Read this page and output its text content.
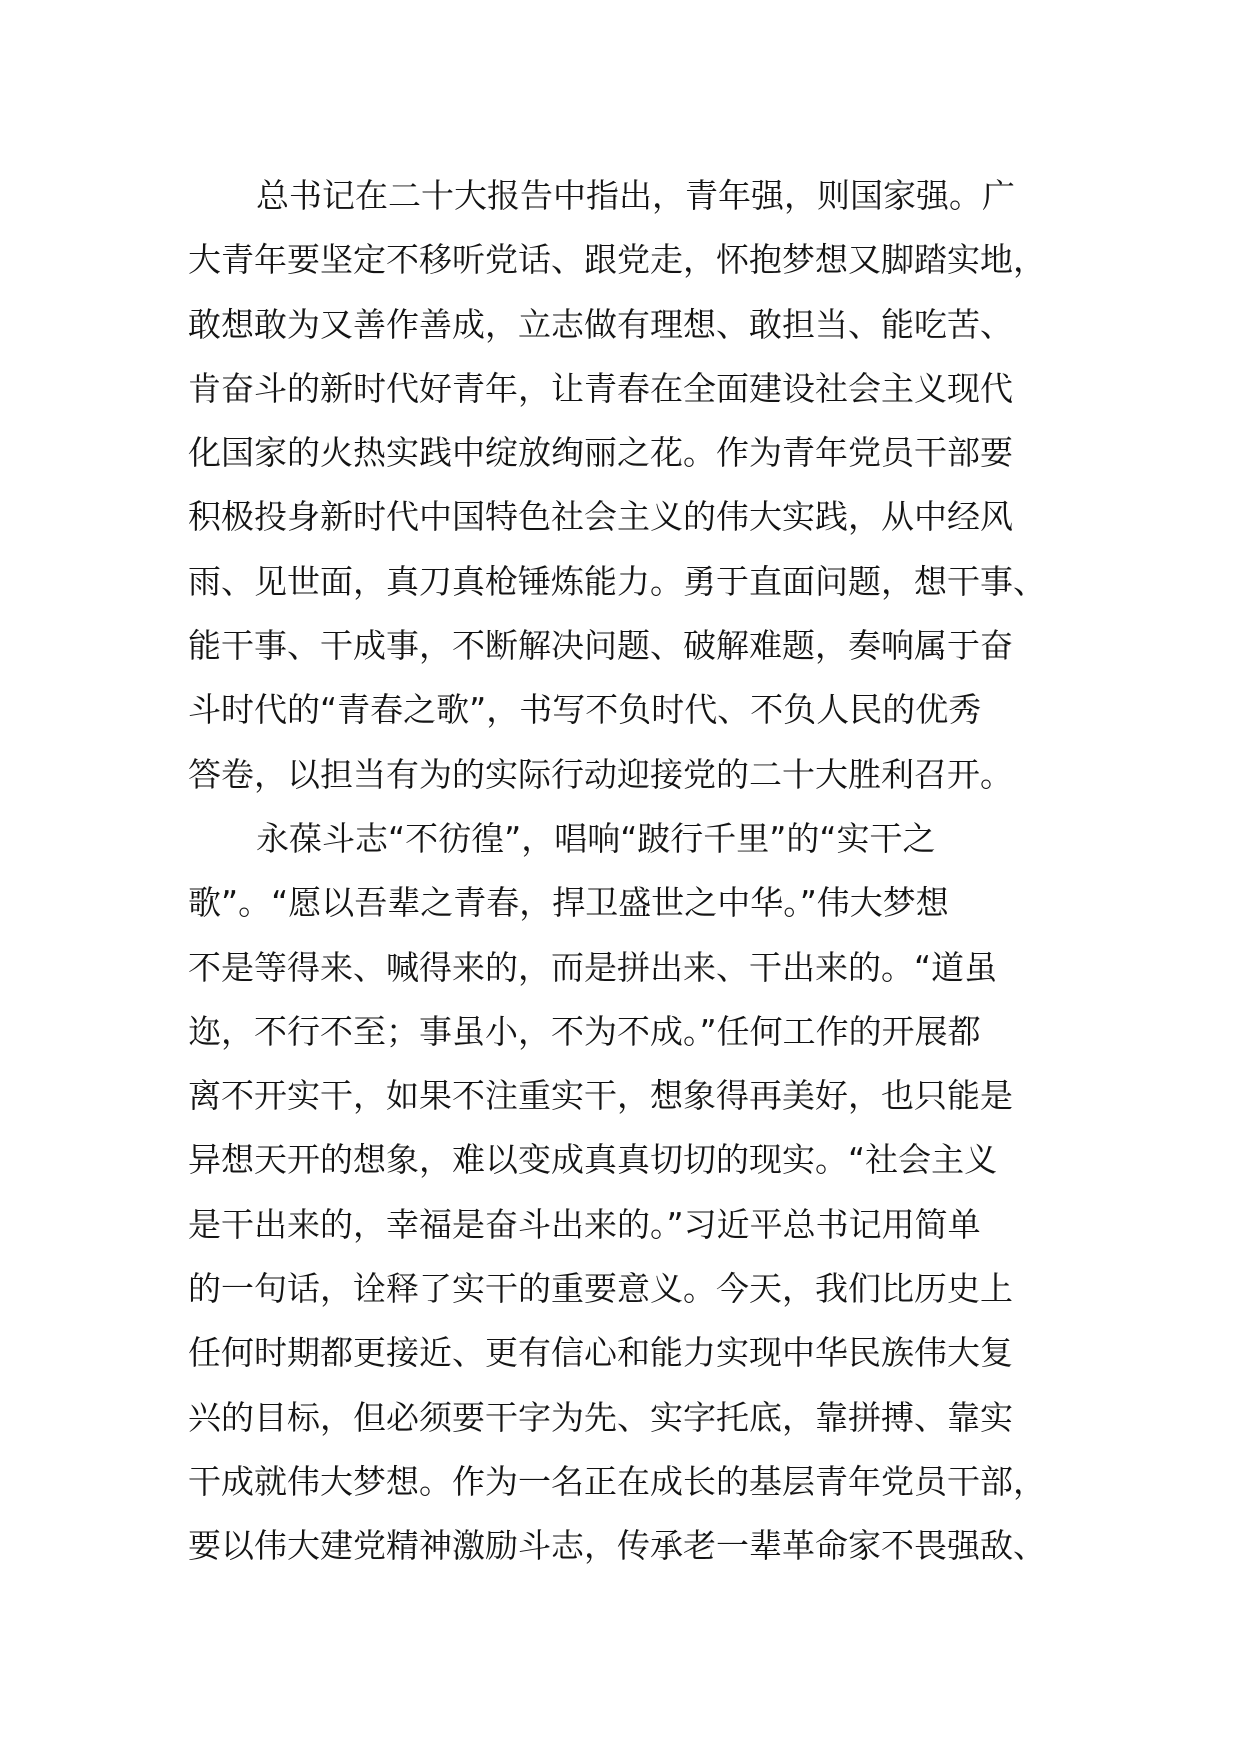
总书记在二十大报告中指出，青年强，则国家强。广
大青年要坚定不移听党话、跟党走，怀抱梦想又脚踏实地，
敢想敢为又善作善成，立志做有理想、敢担当、能吃苦、
肯奋斗的新时代好青年，让青春在全面建设社会主义现代
化国家的火热实践中绽放绚丽之花。作为青年党员干部要
积极投身新时代中国特色社会主义的伟大实践，从中经风
雨、见世面，真刀真枪锤炼能力。勇于直面问题，想干事、
能干事、干成事，不断解决问题、破解难题，奏响属于奋
斗时代的“青春之歌”，书写不负时代、不负人民的优秀
答卷，以担当有为的实际行动迎接党的二十大胜利召开。
永葆斗志“不彷徨”，唱响“跛行千里”的“实干之
歌”。“愿以吾辈之青春，捍卫盛世之中华。”伟大梦想
不是等得来、喊得来的，而是拼出来、干出来的。“道虽
迩，不行不至；事虽小，不为不成。”任何工作的开展都
离不开实干，如果不注重实干，想象得再美好，也只能是
异想天开的想象，难以变成真真切切的现实。“社会主义
是干出来的，幸福是奋斗出来的。”习近平总书记用简单
的一句话，诠释了实干的重要意义。今天，我们比历史上
任何时期都更接近、更有信心和能力实现中华民族伟大复
兴的目标，但必须要干字为先、实字托底，靠拼搏、靠实
干成就伟大梦想。作为一名正在成长的基层青年党员干部，
要以伟大建党精神激励斗志，传承老一辈革命家不畏强敌、
